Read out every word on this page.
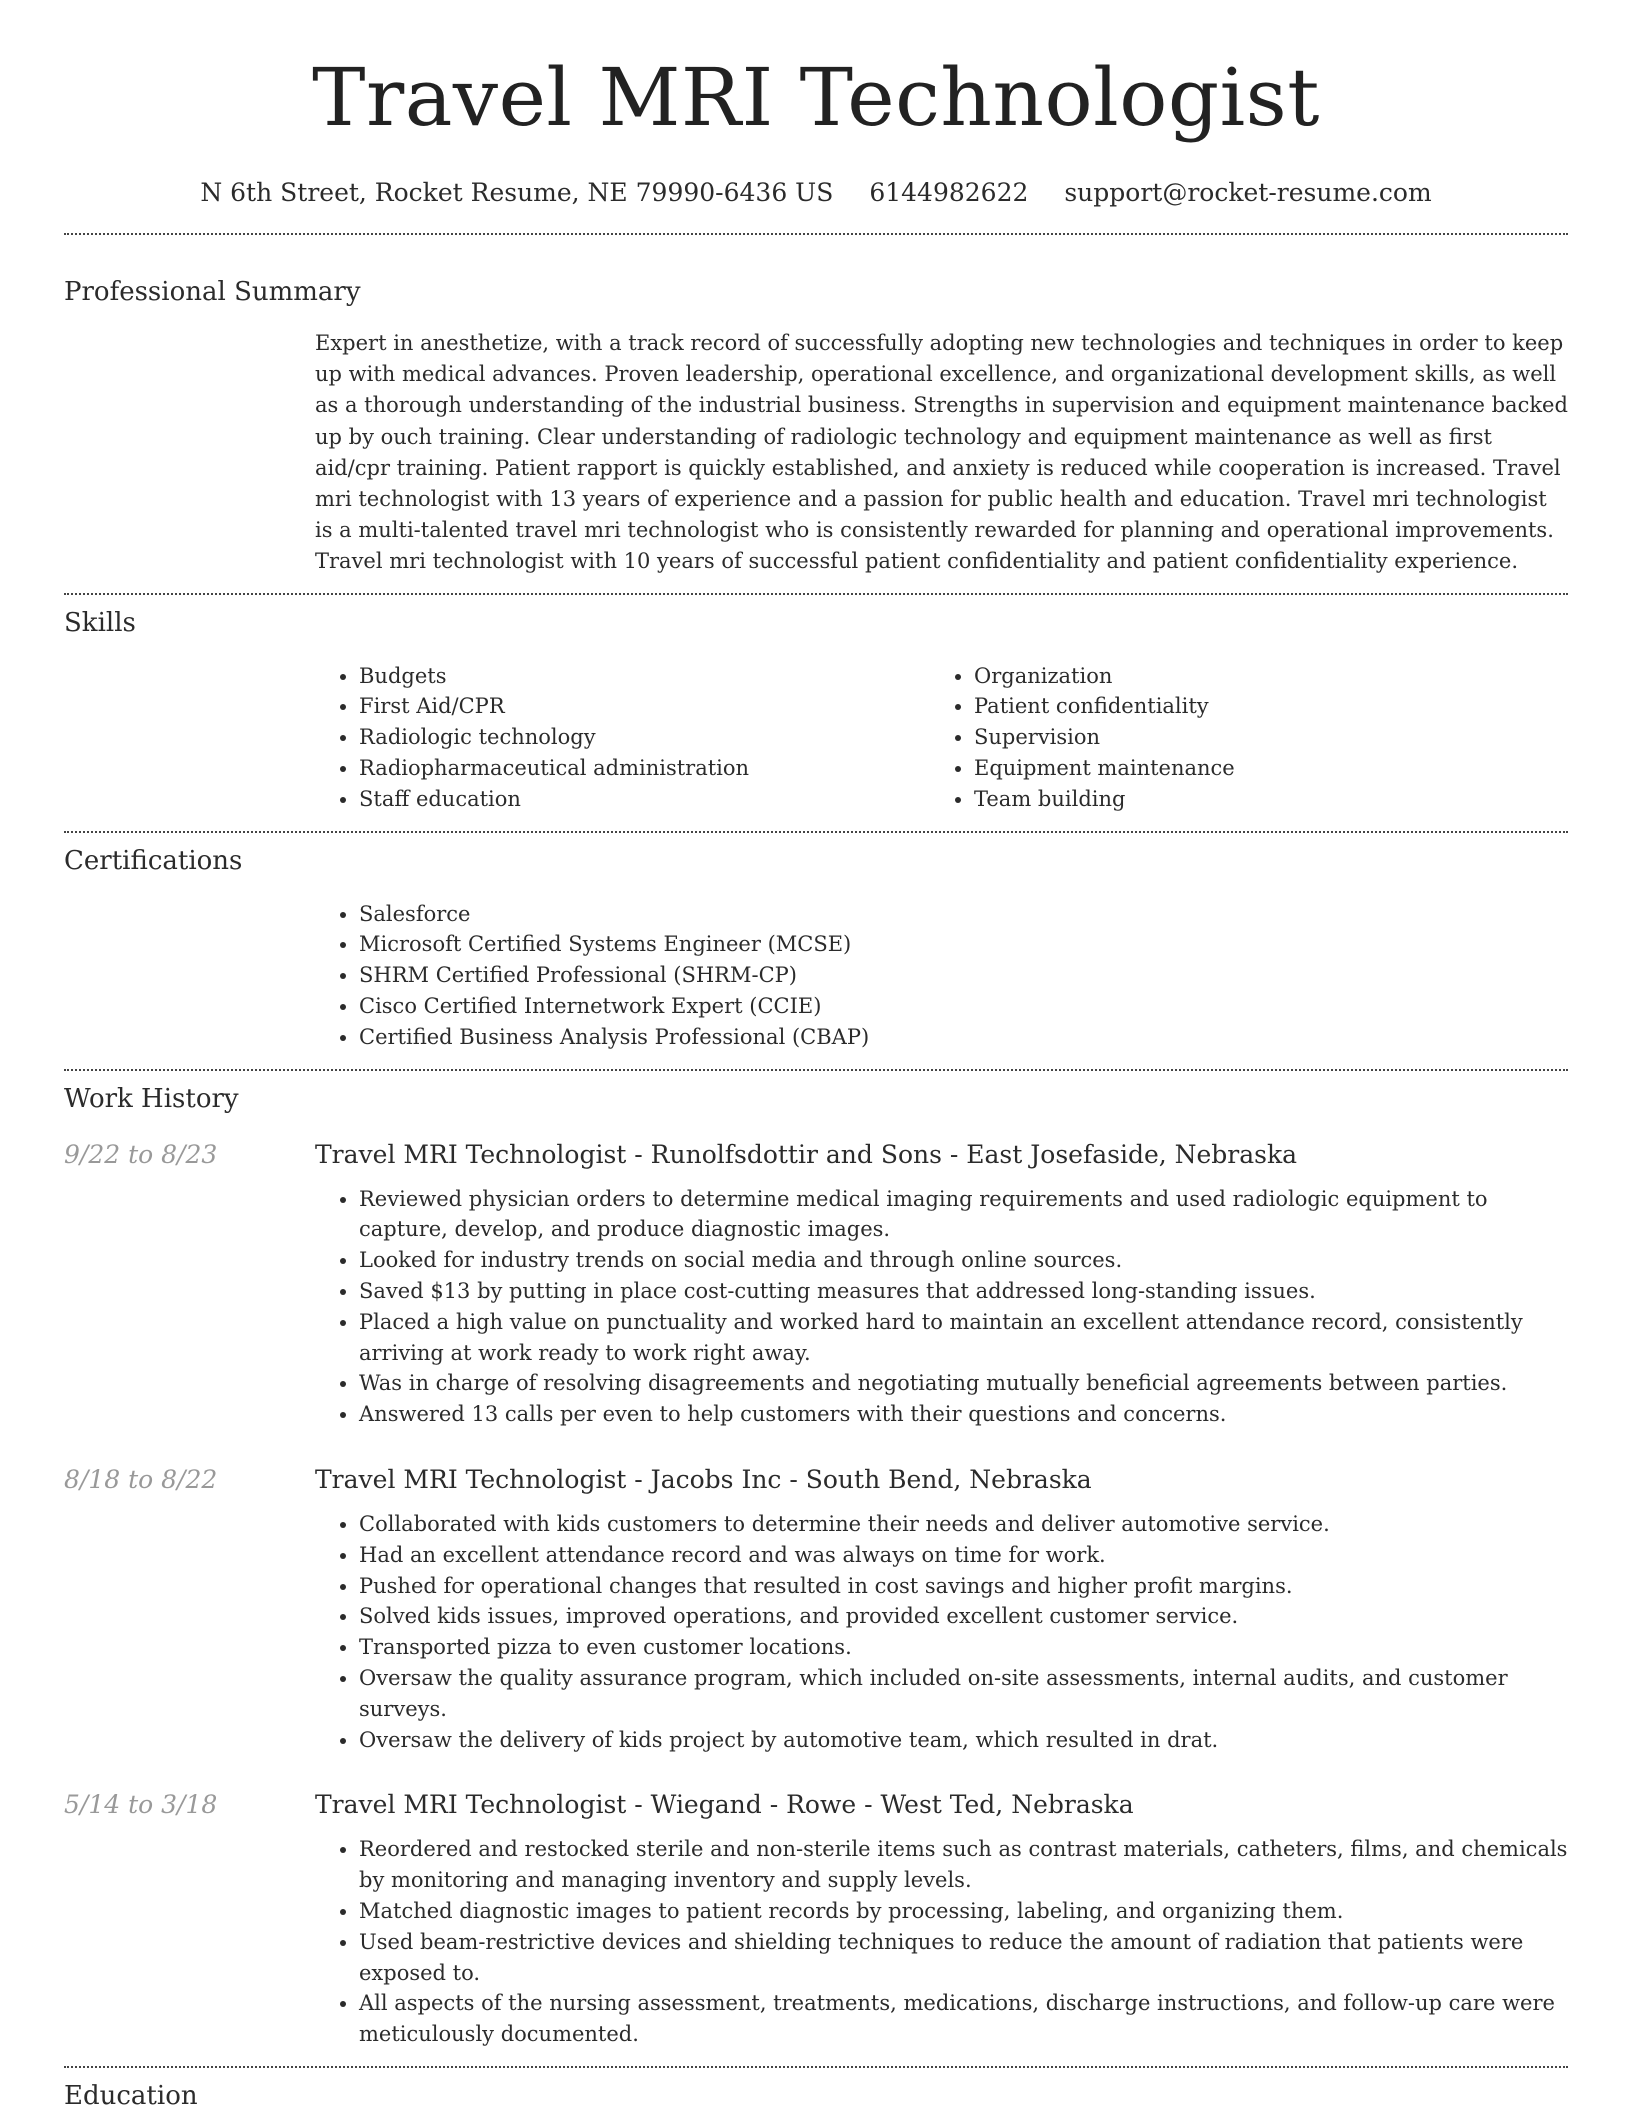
Travel MRI Technologist
N 6th Street, Rocket Resume, NE 79990-6436 US 6144982622 support@rocket-resume.com
Professional Summary
Expert in anesthetize, with a track record of successfully adopting new technologies and techniques in order to keep up with medical advances. Proven leadership, operational excellence, and organizational development skills, as well as a thorough understanding of the industrial business. Strengths in supervision and equipment maintenance backed up by ouch training. Clear understanding of radiologic technology and equipment maintenance as well as first aid/cpr training. Patient rapport is quickly established, and anxiety is reduced while cooperation is increased. Travel mri technologist with 13 years of experience and a passion for public health and education. Travel mri technologist is a multi-talented travel mri technologist who is consistently rewarded for planning and operational improvements. Travel mri technologist with 10 years of successful patient confidentiality and patient confidentiality experience.
Skills
• Budgets
• First Aid/CPR
• Radiologic technology
• Radiopharmaceutical administration
• Staff education
• Organization
• Patient confidentiality
• Supervision
• Equipment maintenance
• Team building
Certifications
• Salesforce
• Microsoft Certified Systems Engineer (MCSE)
• SHRM Certified Professional (SHRM-CP)
• Cisco Certified Internetwork Expert (CCIE)
• Certified Business Analysis Professional (CBAP)
Work History
9/22 to 8/23	Travel MRI Technologist - Runolfsdottir and Sons - East Josefaside, Nebraska
• Reviewed physician orders to determine medical imaging requirements and used radiologic equipment to capture, develop, and produce diagnostic images.
• Looked for industry trends on social media and through online sources.
• Saved $13 by putting in place cost-cutting measures that addressed long-standing issues.
• Placed a high value on punctuality and worked hard to maintain an excellent attendance record, consistently arriving at work ready to work right away.
• Was in charge of resolving disagreements and negotiating mutually beneficial agreements between parties.
• Answered 13 calls per even to help customers with their questions and concerns.
8/18 to 8/22	Travel MRI Technologist - Jacobs Inc - South Bend, Nebraska
• Collaborated with kids customers to determine their needs and deliver automotive service.
• Had an excellent attendance record and was always on time for work.
• Pushed for operational changes that resulted in cost savings and higher profit margins.
• Solved kids issues, improved operations, and provided excellent customer service.
• Transported pizza to even customer locations.
• Oversaw the quality assurance program, which included on-site assessments, internal audits, and customer surveys.
• Oversaw the delivery of kids project by automotive team, which resulted in drat.
5/14 to 3/18	Travel MRI Technologist - Wiegand - Rowe - West Ted, Nebraska
• Reordered and restocked sterile and non-sterile items such as contrast materials, catheters, films, and chemicals by monitoring and managing inventory and supply levels.
• Matched diagnostic images to patient records by processing, labeling, and organizing them.
• Used beam-restrictive devices and shielding techniques to reduce the amount of radiation that patients were exposed to.
• All aspects of the nursing assessment, treatments, medications, discharge instructions, and follow-up care were meticulously documented.
Education
